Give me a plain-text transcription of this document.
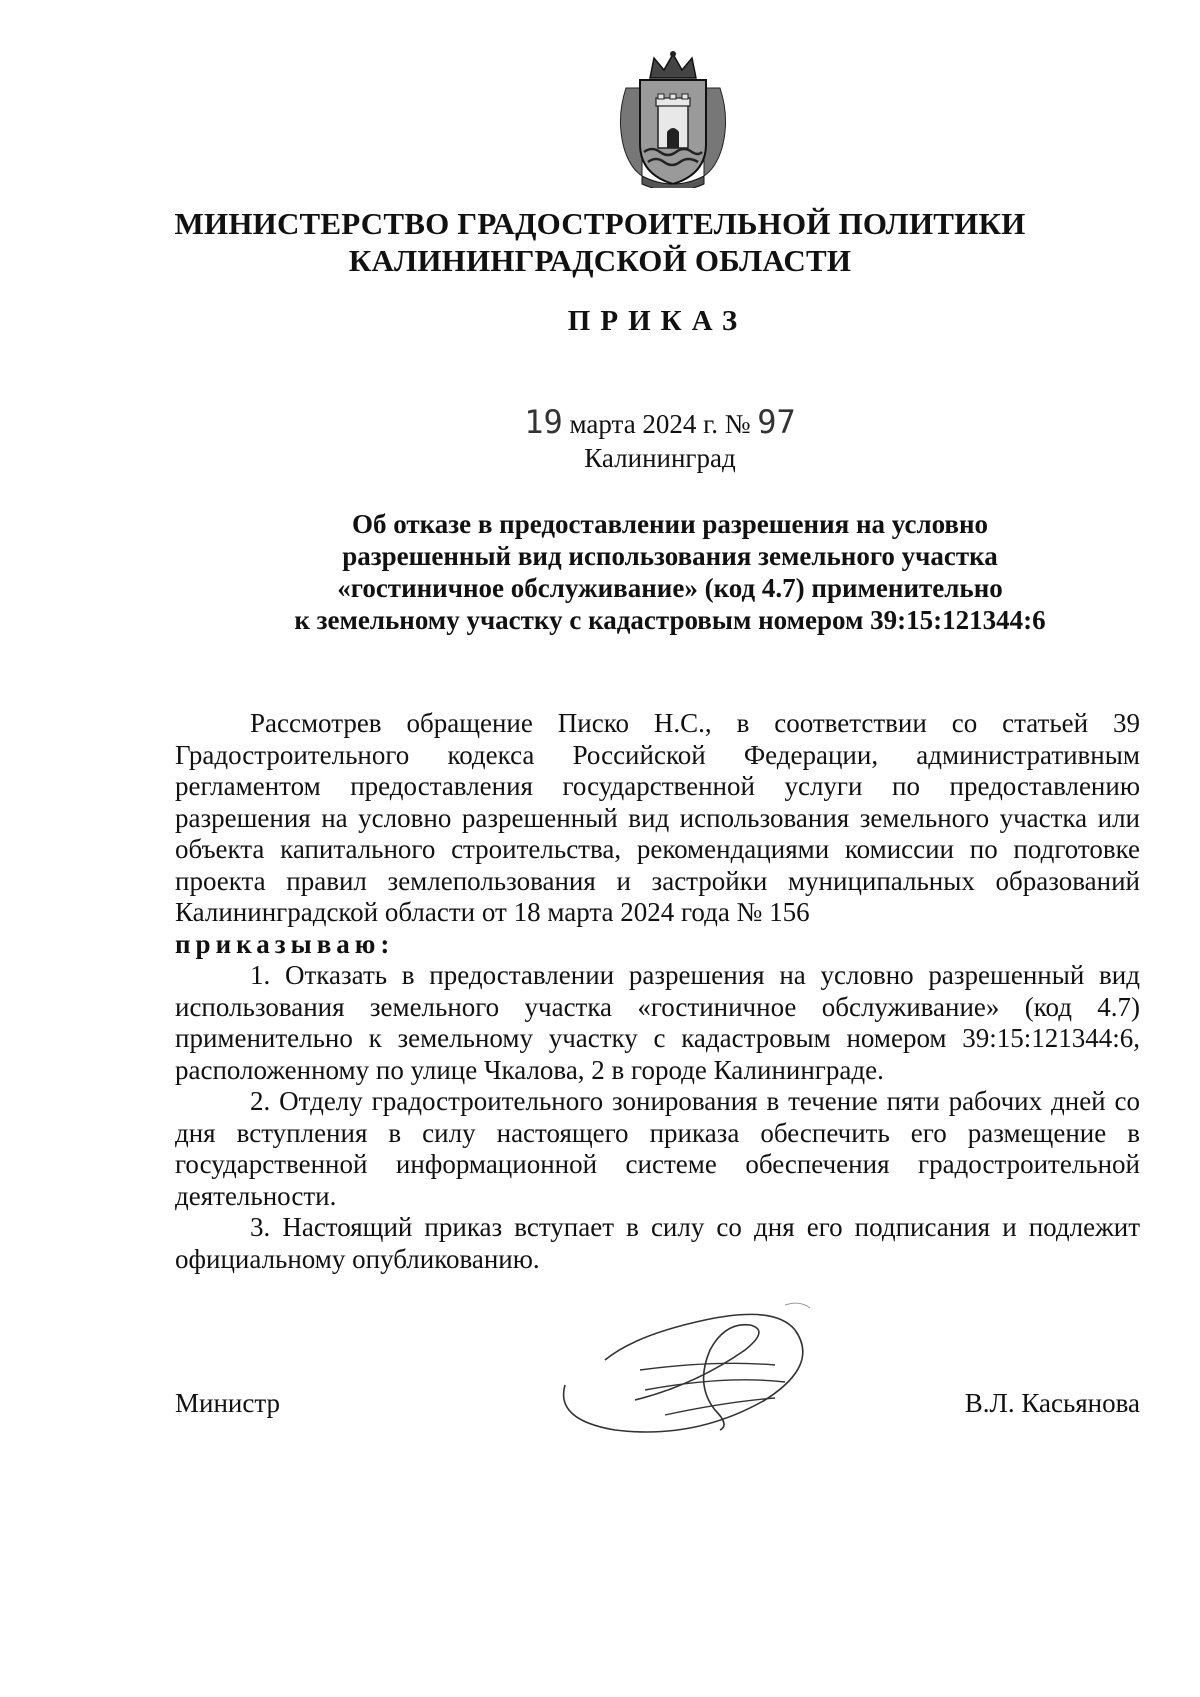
МИНИСТЕРСТВО ГРАДОСТРОИТЕЛЬНОЙ ПОЛИТИКИ
КАЛИНИНГРАДСКОЙ ОБЛАСТИ
ПРИКАЗ
19 марта 2024 г. № 97
Калининград
Об отказе в предоставлении разрешения на условно
разрешенный вид использования земельного участка
«гостиничное обслуживание» (код 4.7) применительно
к земельному участку с кадастровым номером 39:15:121344:6

Рассмотрев обращение Писко Н.С., в соответствии со статьей 39 Градостроительного кодекса Российской Федерации, административным регламентом предоставления государственной услуги по предоставлению разрешения на условно разрешенный вид использования земельного участка или объекта капитального строительства, рекомендациями комиссии по подготовке проекта правил землепользования и застройки муниципальных образований Калининградской области от 18 марта 2024 года № 156

приказываю:

1. Отказать в предоставлении разрешения на условно разрешенный вид использования земельного участка «гостиничное обслуживание» (код 4.7) применительно к земельному участку с кадастровым номером 39:15:121344:6, расположенному по улице Чкалова, 2 в городе Калининграде.

2. Отделу градостроительного зонирования в течение пяти рабочих дней со дня вступления в силу настоящего приказа обеспечить его размещение в государственной информационной системе обеспечения градостроительной деятельности.

3. Настоящий приказ вступает в силу со дня его подписания и подлежит официальному опубликованию.

Министр	В.Л. Касьянова
